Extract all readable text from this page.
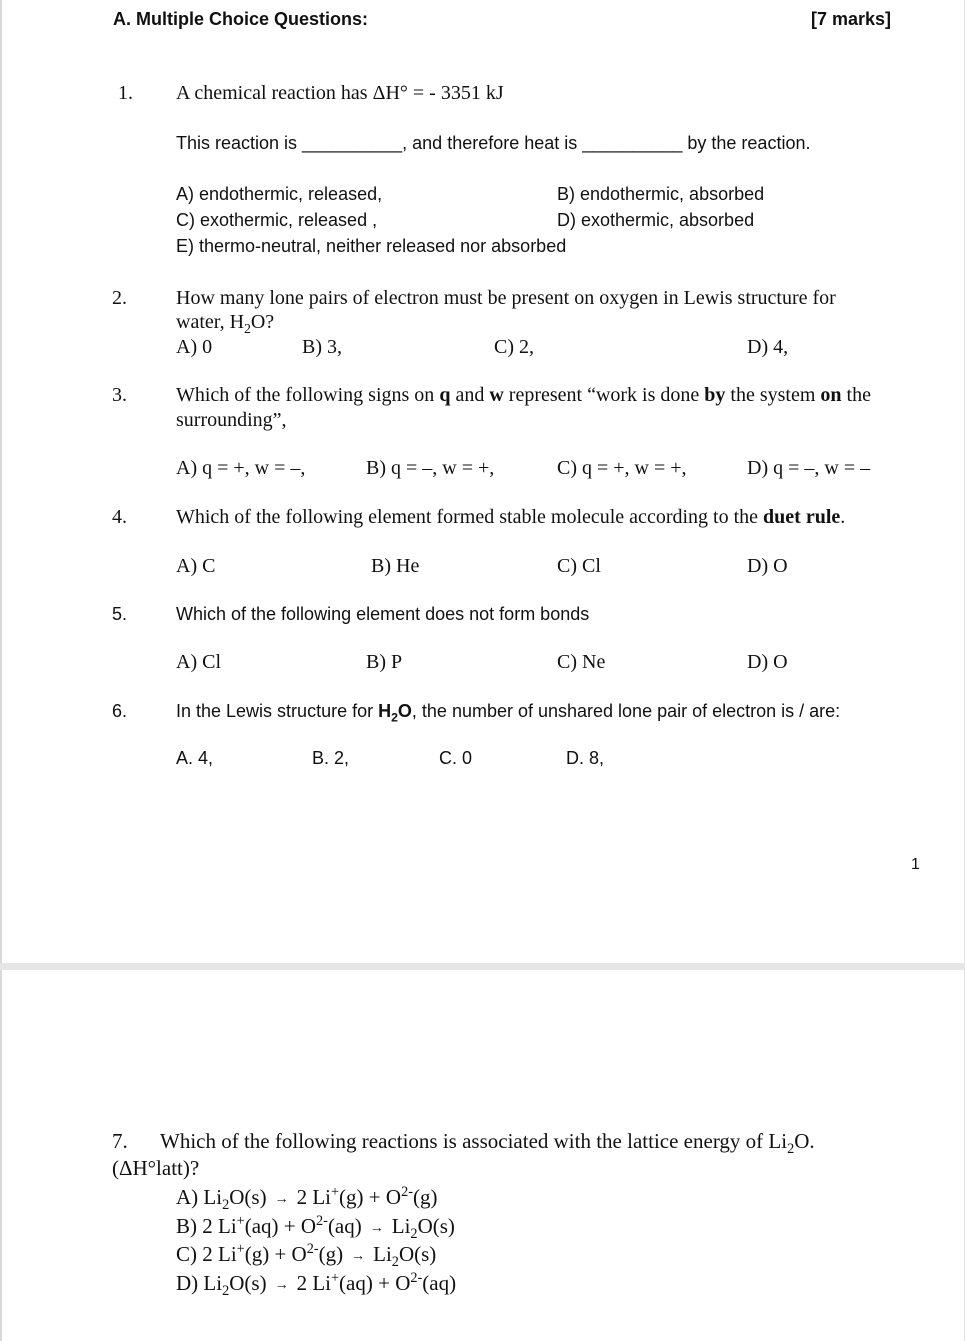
A. Multiple Choice Questions:	[7 marks]
1. A chemical reaction has ΔH° = - 3351 kJ
This reaction is __________, and therefore heat is __________ by the reaction.
A) endothermic, released,	B) endothermic, absorbed
C) exothermic, released ,	D) exothermic, absorbed
E) thermo-neutral, neither released nor absorbed
2. How many lone pairs of electron must be present on oxygen in Lewis structure for
water, $H_2O$?
A) 0	B) 3,	C) 2,	D) 4,
3. Which of the following signs on q and w represent “work is done by the system on the
surrounding”,
A) q = +, w = –,	B) q = –, w = +,	C) q = +, w = +,	D) q = –, w = –
4. Which of the following element formed stable molecule according to the duet rule.
A) C	B) He	C) Cl	D) O
5.	Which of the following element does not form bonds
A) Cl	B) P	C) Ne	D) O
6.	In the Lewis structure for $H_2O$, the number of unshared lone pair of electron is / are:
A. 4,	B. 2,	C. 0	D. 8,
1
7. Which of the following reactions is associated with the lattice energy of $Li_2O$.
(ΔH°latt)?
A) $Li_2O(s) \to 2$ $Li^+(g) + O^{2-}(g)$
B) 2 $Li^+(aq) + O^{2-}(aq) \to Li_2O(s)$
C) 2 $Li^+(g) + O^{2-}(g) \to Li_2O(s)$
D) $Li_2O(s) \to 2$ $Li^+(aq) + O^{2-}(aq)$
